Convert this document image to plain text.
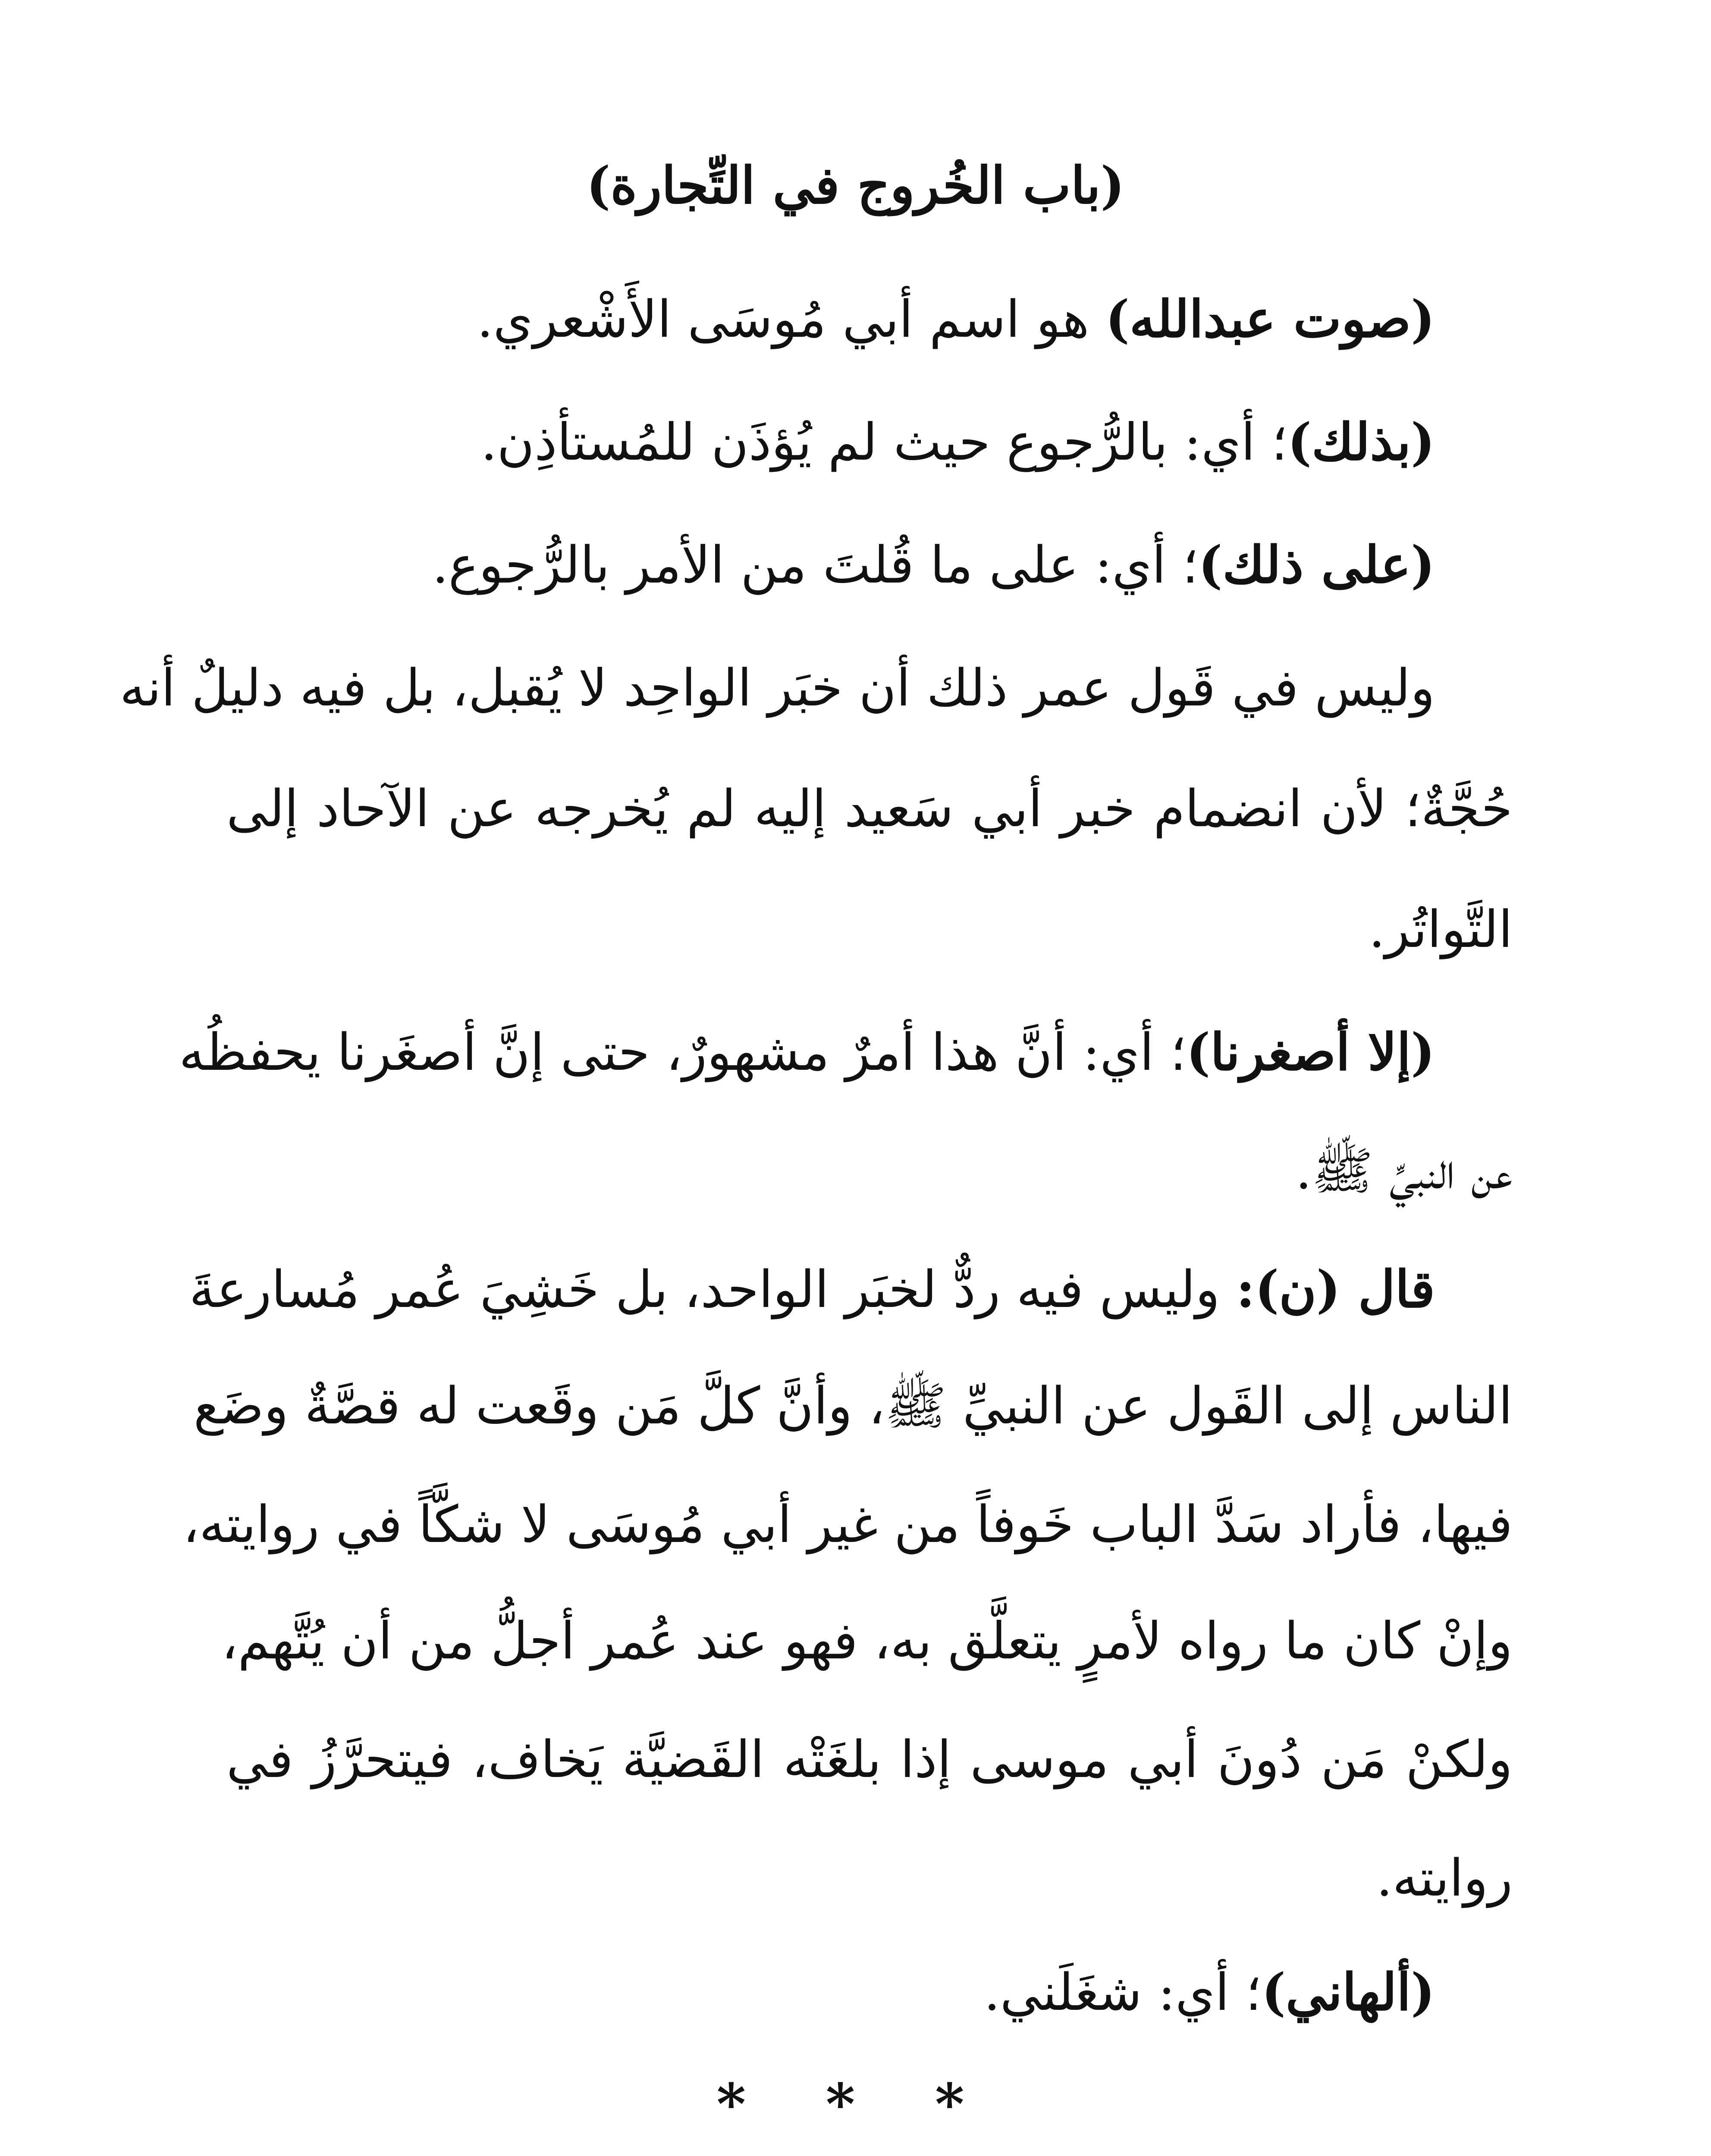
(باب الخُروج في التِّجارة)
(صوت عبدالله) هو اسم أبي مُوسَى الأَشْعري.
(بذلك)؛ أي: بالرُّجوع حيث لم يُؤذَن للمُستأذِن.
(على ذلك)؛ أي: على ما قُلتَ من الأمر بالرُّجوع.
وليس في قَول عمر ذلك أن خبَر الواحِد لا يُقبل، بل فيه دليلٌ أنه
حُجَّةٌ؛ لأن انضمام خبر أبي سَعيد إليه لم يُخرجه عن الآحاد إلى
التَّواتُر.
(إلا أصغرنا)؛ أي: أنَّ هذا أمرٌ مشهورٌ، حتى إنَّ أصغَرنا يحفظُه
عن النبيِّ ﷺ.
قال (ن): وليس فيه ردٌّ لخبَر الواحد، بل خَشِيَ عُمر مُسارعةَ
الناس إلى القَول عن النبيِّ ﷺ، وأنَّ كلَّ مَن وقَعت له قصَّةٌ وضَع
فيها، فأراد سَدَّ الباب خَوفاً من غير أبي مُوسَى لا شكَّاً في روايته،
وإنْ كان ما رواه لأمرٍ يتعلَّق به، فهو عند عُمر أجلُّ من أن يُتَّهم،
ولكنْ مَن دُونَ أبي موسى إذا بلغَتْه القَضيَّة يَخاف، فيتحرَّزُ في
روايته.
(ألهاني)؛ أي: شغَلَني.
* * *
